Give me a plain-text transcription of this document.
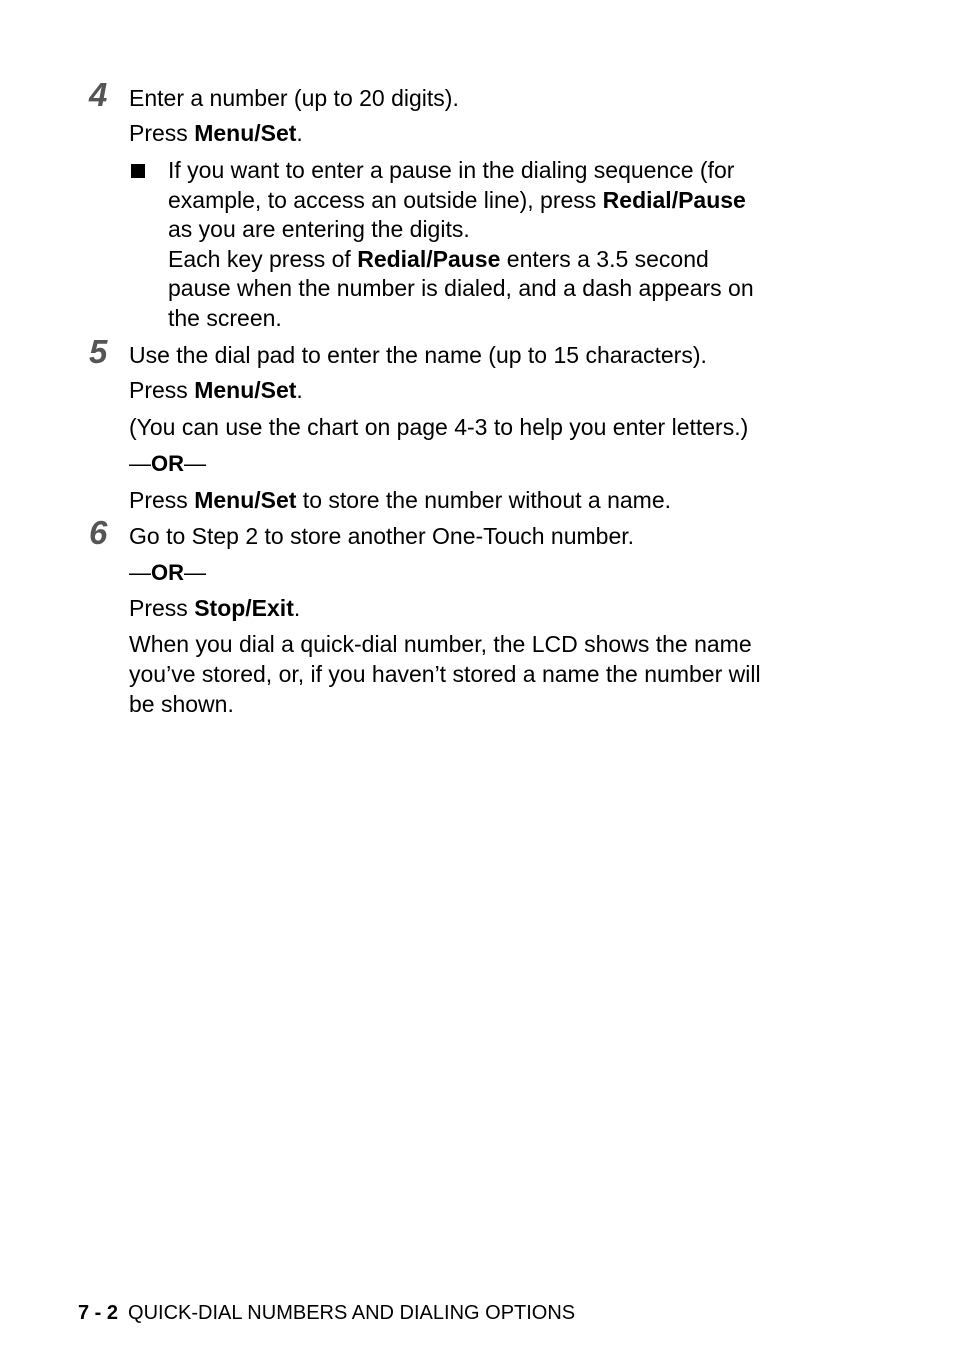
4 Enter a number (up to 20 digits).
Press Menu/Set.
If you want to enter a pause in the dialing sequence (for
example, to access an outside line), press Redial/Pause
as you are entering the digits.
Each key press of Redial/Pause enters a 3.5 second
pause when the number is dialed, and a dash appears on
the screen.
5 Use the dial pad to enter the name (up to 15 characters).
Press Menu/Set.
(You can use the chart on page 4-3 to help you enter letters.)
—OR—
Press Menu/Set to store the number without a name.
6 Go to Step 2 to store another One-Touch number.
—OR—
Press Stop/Exit.
When you dial a quick-dial number, the LCD shows the name
you’ve stored, or, if you haven’t stored a name the number will
be shown.
7 - 2 QUICK-DIAL NUMBERS AND DIALING OPTIONS
